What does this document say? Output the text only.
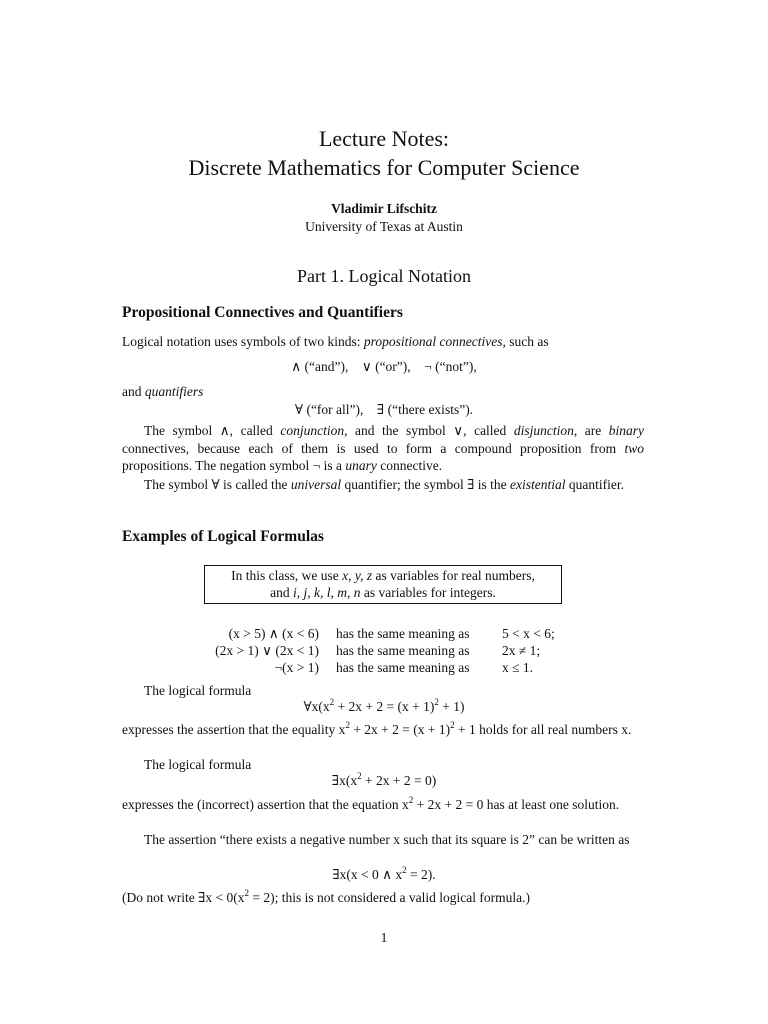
Lecture Notes:
Discrete Mathematics for Computer Science
Vladimir Lifschitz
University of Texas at Austin
Part 1. Logical Notation
Propositional Connectives and Quantifiers
Logical notation uses symbols of two kinds: propositional connectives, such as
∧ (“and”),    ∨ (“or”),    ¬ (“not”),
and quantifiers
∀ (“for all”),    ∃ (“there exists”).
The symbol ∧, called conjunction, and the symbol ∨, called disjunction, are binary connectives, because each of them is used to form a compound proposition from two propositions. The negation symbol ¬ is a unary connective.
The symbol ∀ is called the universal quantifier; the symbol ∃ is the existential quantifier.
Examples of Logical Formulas
In this class, we use x, y, z as variables for real numbers,
and i, j, k, l, m, n as variables for integers.
(x > 5) ∧ (x < 6) has the same meaning as 5 < x < 6;
(2x > 1) ∨ (2x < 1) has the same meaning as 2x ≠ 1;
¬(x > 1) has the same meaning as x ≤ 1.
The logical formula
$\forall x(x^2 + 2x + 2 = (x + 1)^2 + 1)$
expresses the assertion that the equality $x^2 + 2x + 2 = (x + 1)^2 + 1$ holds for all real numbers x.
The logical formula
$\exists x(x^2 + 2x + 2 = 0)$
expresses the (incorrect) assertion that the equation $x^2 + 2x + 2 = 0$ has at least one solution.
The assertion “there exists a negative number x such that its square is 2” can be written as
∃x(x < 0 ∧ $x^2 = 2$).
(Do not write ∃x < $0(x^2 = 2)$; this is not considered a valid logical formula.)
1
